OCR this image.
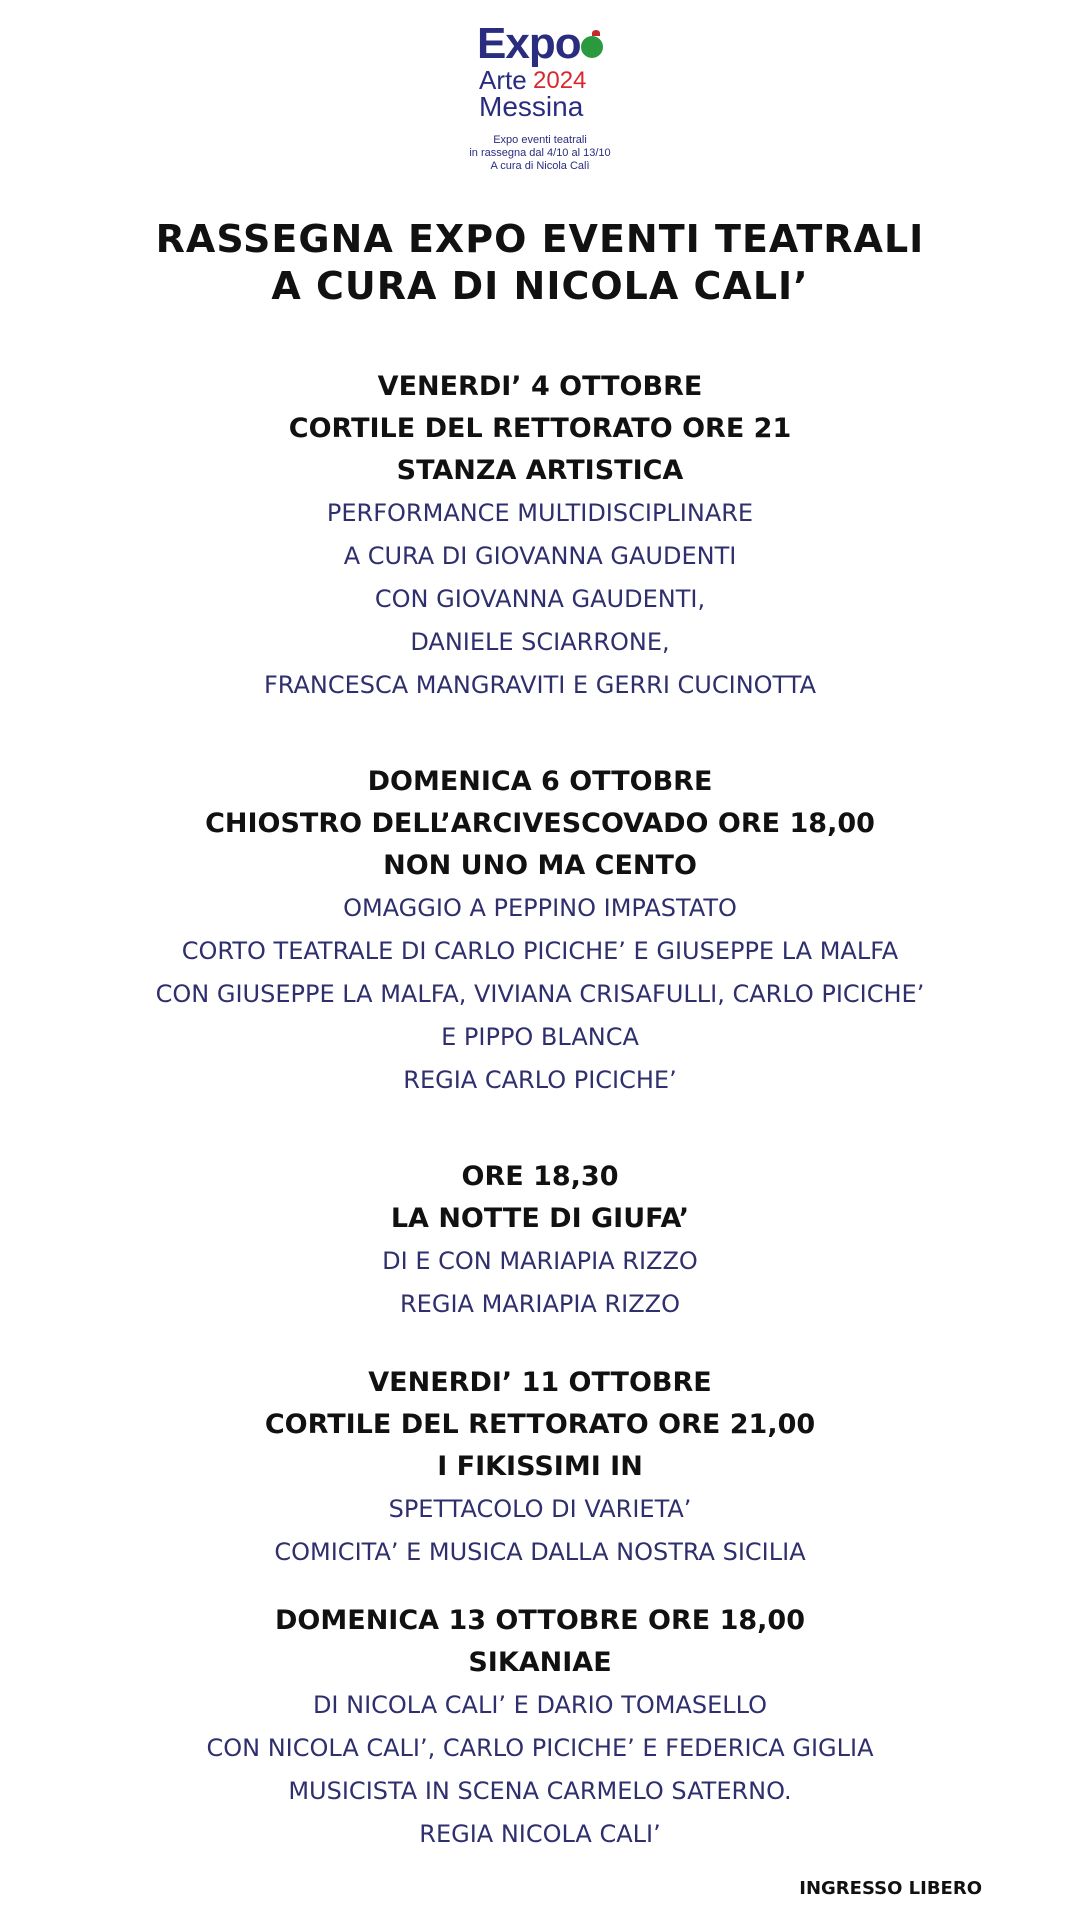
Expo
Arte 2024
Messina
Expo eventi teatrali
in rassegna dal 4/10 al 13/10
A cura di Nicola Calì
RASSEGNA EXPO EVENTI TEATRALI
A CURA DI NICOLA CALI’
VENERDI’ 4 OTTOBRE
CORTILE DEL RETTORATO ORE 21
STANZA ARTISTICA
PERFORMANCE MULTIDISCIPLINARE
A CURA DI GIOVANNA GAUDENTI
CON GIOVANNA GAUDENTI,
DANIELE SCIARRONE,
FRANCESCA MANGRAVITI E GERRI CUCINOTTA
DOMENICA 6 OTTOBRE
CHIOSTRO DELL’ARCIVESCOVADO ORE 18,00
NON UNO MA CENTO
OMAGGIO A PEPPINO IMPASTATO
CORTO TEATRALE DI CARLO PICICHE’ E GIUSEPPE LA MALFA
CON GIUSEPPE LA MALFA, VIVIANA CRISAFULLI, CARLO PICICHE’
E PIPPO BLANCA
REGIA CARLO PICICHE’
ORE 18,30
LA NOTTE DI GIUFA’
DI E CON MARIAPIA RIZZO
REGIA MARIAPIA RIZZO
VENERDI’ 11 OTTOBRE
CORTILE DEL RETTORATO ORE 21,00
I FIKISSIMI IN
SPETTACOLO DI VARIETA’
COMICITA’ E MUSICA DALLA NOSTRA SICILIA
DOMENICA 13 OTTOBRE ORE 18,00
SIKANIAE
DI NICOLA CALI’ E DARIO TOMASELLO
CON NICOLA CALI’, CARLO PICICHE’ E FEDERICA GIGLIA
MUSICISTA IN SCENA CARMELO SATERNO.
REGIA NICOLA CALI’
INGRESSO LIBERO
